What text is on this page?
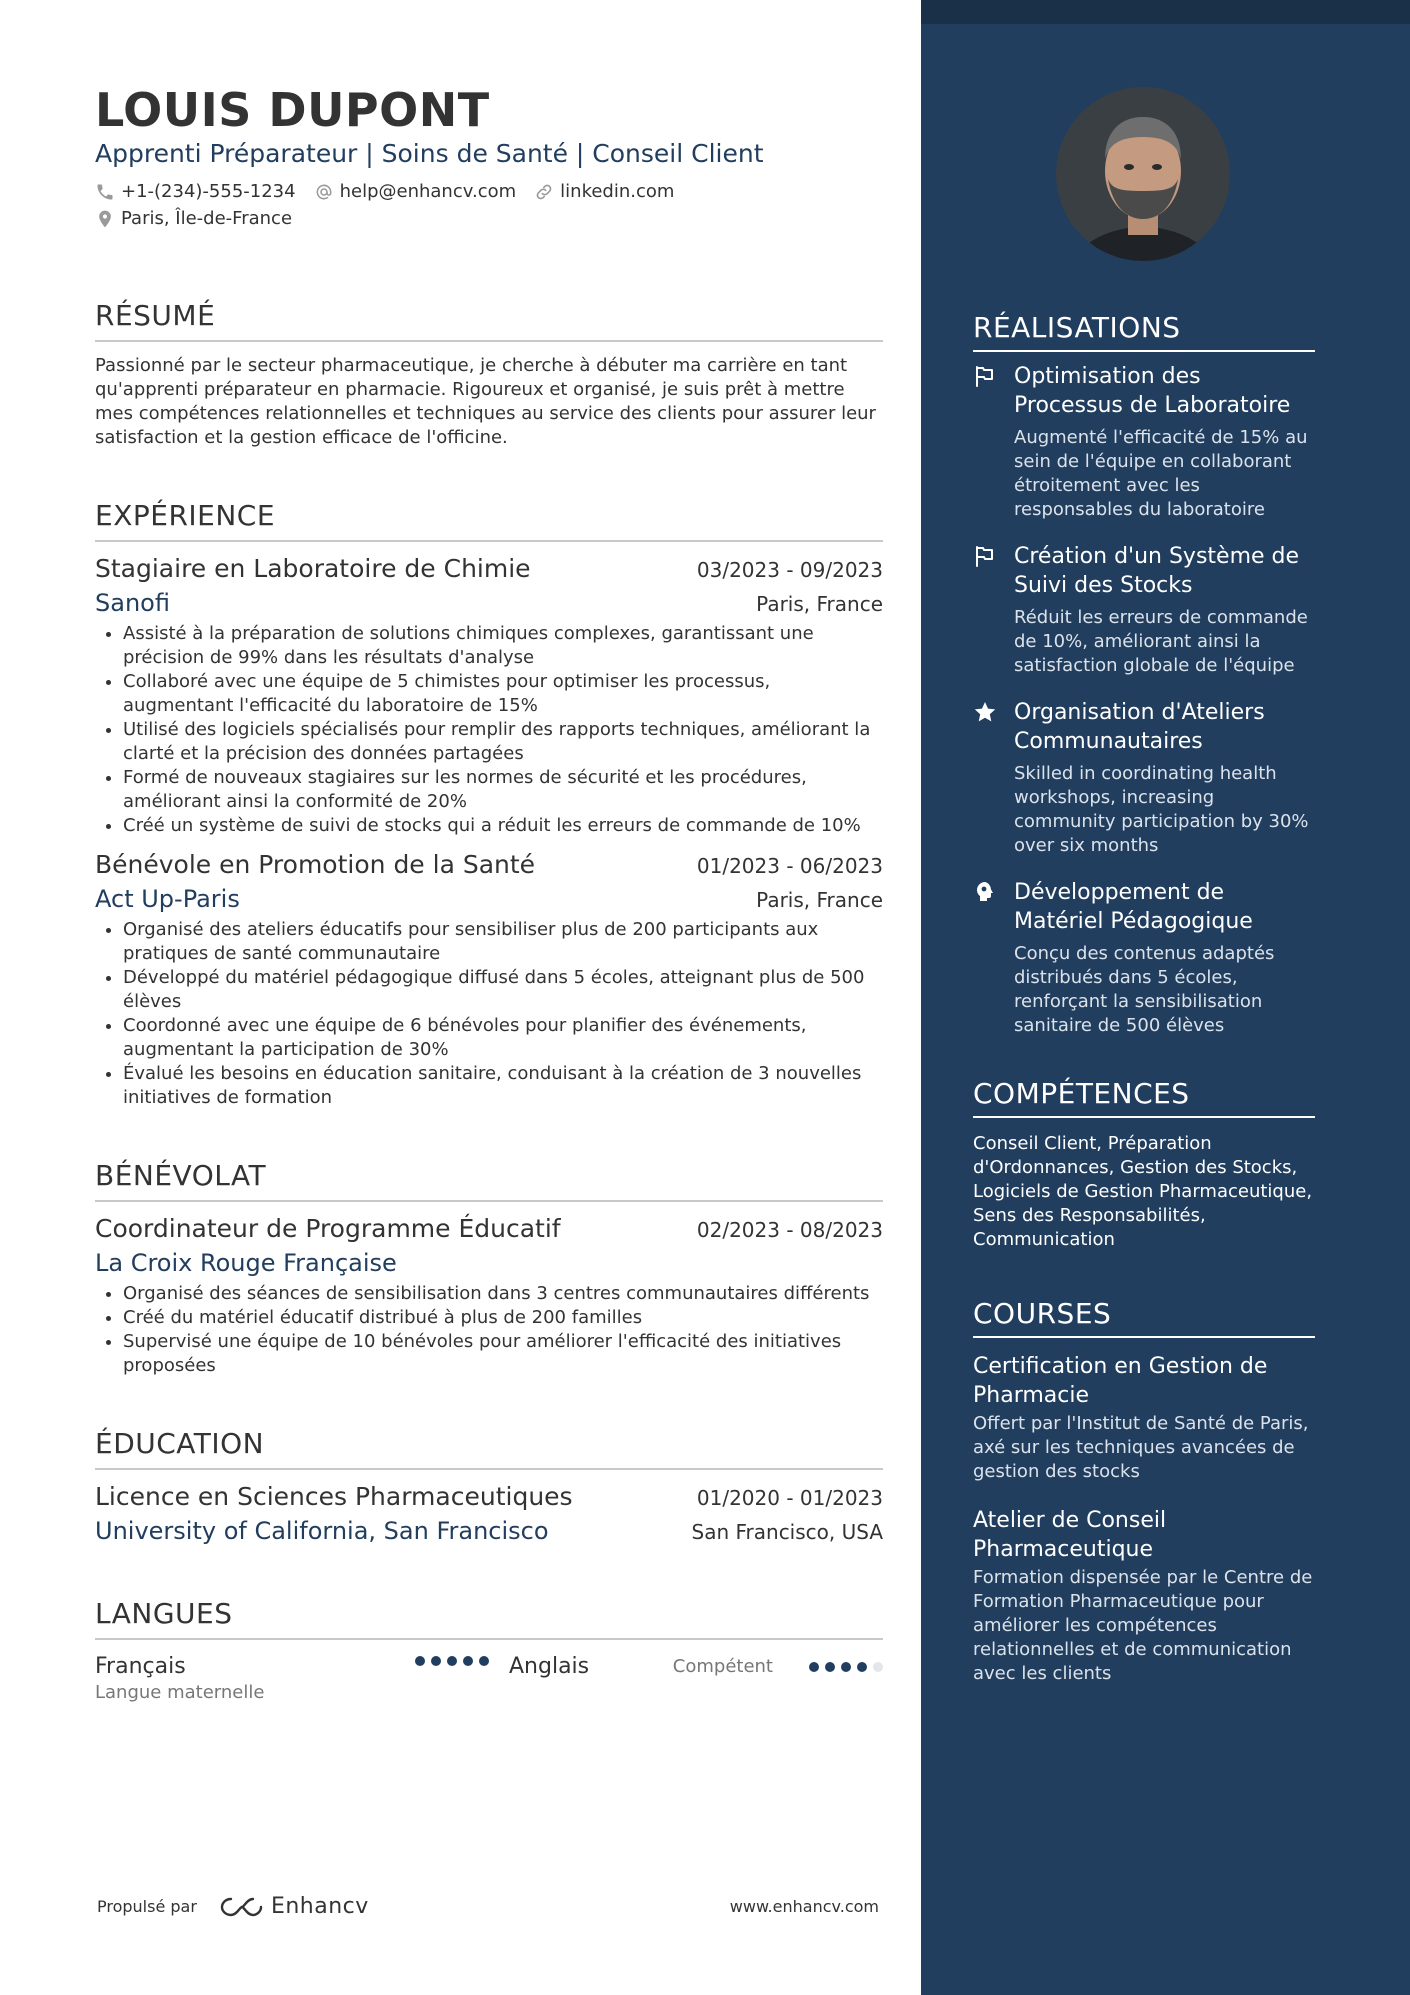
LOUIS DUPONT
Apprenti Préparateur | Soins de Santé | Conseil Client
+1-(234)-555-1234 help@enhancv.com linkedin.com
Paris, Île-de-France
RÉSUMÉ
Passionné par le secteur pharmaceutique, je cherche à débuter ma carrière en tant qu'apprenti préparateur en pharmacie. Rigoureux et organisé, je suis prêt à mettre mes compétences relationnelles et techniques au service des clients pour assurer leur satisfaction et la gestion efficace de l'officine.
EXPÉRIENCE
Stagiaire en Laboratoire de Chimie	03/2023 - 09/2023
Sanofi	Paris, France
• Assisté à la préparation de solutions chimiques complexes, garantissant une précision de 99% dans les résultats d'analyse
• Collaboré avec une équipe de 5 chimistes pour optimiser les processus, augmentant l'efficacité du laboratoire de 15%
• Utilisé des logiciels spécialisés pour remplir des rapports techniques, améliorant la clarté et la précision des données partagées
• Formé de nouveaux stagiaires sur les normes de sécurité et les procédures, améliorant ainsi la conformité de 20%
• Créé un système de suivi de stocks qui a réduit les erreurs de commande de 10%
Bénévole en Promotion de la Santé	01/2023 - 06/2023
Act Up-Paris	Paris, France
• Organisé des ateliers éducatifs pour sensibiliser plus de 200 participants aux pratiques de santé communautaire
• Développé du matériel pédagogique diffusé dans 5 écoles, atteignant plus de 500 élèves
• Coordonné avec une équipe de 6 bénévoles pour planifier des événements, augmentant la participation de 30%
• Évalué les besoins en éducation sanitaire, conduisant à la création de 3 nouvelles initiatives de formation
BÉNÉVOLAT
Coordinateur de Programme Éducatif	02/2023 - 08/2023
La Croix Rouge Française
• Organisé des séances de sensibilisation dans 3 centres communautaires différents
• Créé du matériel éducatif distribué à plus de 200 familles
• Supervisé une équipe de 10 bénévoles pour améliorer l'efficacité des initiatives proposées
ÉDUCATION
Licence en Sciences Pharmaceutiques	01/2020 - 01/2023
University of California, San Francisco	San Francisco, USA
LANGUES
Français
Langue maternelle
Anglais	Compétent
Propulsé par	Enhancv	www.enhancv.com
RÉALISATIONS
Optimisation des Processus de Laboratoire
Augmenté l'efficacité de 15% au sein de l'équipe en collaborant étroitement avec les responsables du laboratoire
Création d'un Système de Suivi des Stocks
Réduit les erreurs de commande de 10%, améliorant ainsi la satisfaction globale de l'équipe
Organisation d'Ateliers Communautaires
Skilled in coordinating health workshops, increasing community participation by 30% over six months
Développement de Matériel Pédagogique
Conçu des contenus adaptés distribués dans 5 écoles, renforçant la sensibilisation sanitaire de 500 élèves
COMPÉTENCES
Conseil Client, Préparation d'Ordonnances, Gestion des Stocks, Logiciels de Gestion Pharmaceutique, Sens des Responsabilités, Communication
COURSES
Certification en Gestion de Pharmacie
Offert par l'Institut de Santé de Paris, axé sur les techniques avancées de gestion des stocks
Atelier de Conseil Pharmaceutique
Formation dispensée par le Centre de Formation Pharmaceutique pour améliorer les compétences relationnelles et de communication avec les clients
